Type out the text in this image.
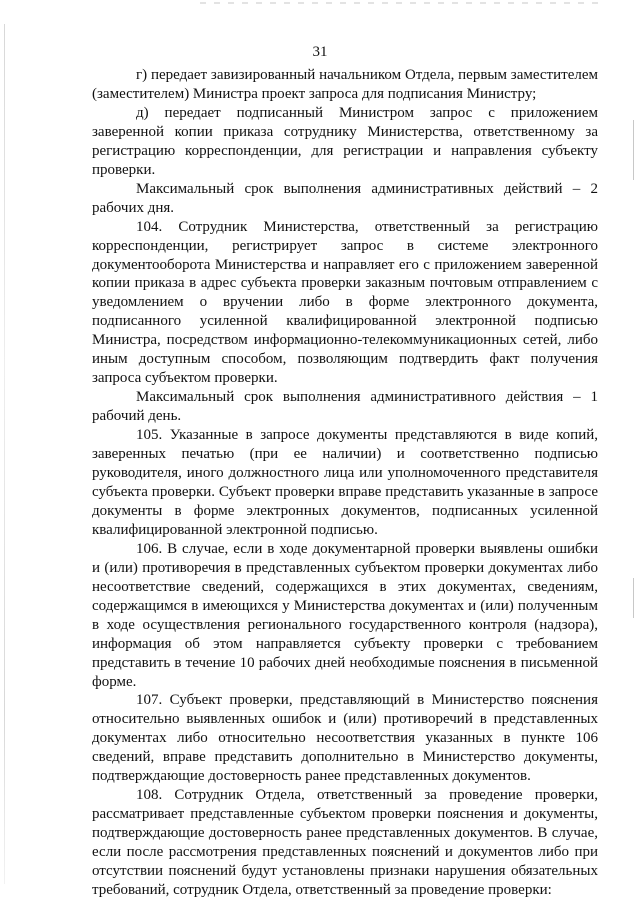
31

г) передает завизированный начальником Отдела, первым заместителем (заместителем) Министра проект запроса для подписания Министру;

д) передает подписанный Министром запрос с приложением заверенной копии приказа сотруднику Министерства, ответственному за регистрацию корреспонденции, для регистрации и направления субъекту проверки.

Максимальный срок выполнения административных действий – 2 рабочих дня.

104. Сотрудник Министерства, ответственный за регистрацию корреспонденции, регистрирует запрос в системе электронного документооборота Министерства и направляет его с приложением заверенной копии приказа в адрес субъекта проверки заказным почтовым отправлением с уведомлением о вручении либо в форме электронного документа, подписанного усиленной квалифицированной электронной подписью Министра, посредством информационно-телекоммуникационных сетей, либо иным доступным способом, позволяющим подтвердить факт получения запроса субъектом проверки.

Максимальный срок выполнения административного действия – 1 рабочий день.

105. Указанные в запросе документы представляются в виде копий, заверенных печатью (при ее наличии) и соответственно подписью руководителя, иного должностного лица или уполномоченного представителя субъекта проверки. Субъект проверки вправе представить указанные в запросе документы в форме электронных документов, подписанных усиленной квалифицированной электронной подписью.

106. В случае, если в ходе документарной проверки выявлены ошибки и (или) противоречия в представленных субъектом проверки документах либо несоответствие сведений, содержащихся в этих документах, сведениям, содержащимся в имеющихся у Министерства документах и (или) полученным в ходе осуществления регионального государственного контроля (надзора), информация об этом направляется субъекту проверки с требованием представить в течение 10 рабочих дней необходимые пояснения в письменной форме.

107. Субъект проверки, представляющий в Министерство пояснения относительно выявленных ошибок и (или) противоречий в представленных документах либо относительно несоответствия указанных в пункте 106 сведений, вправе представить дополнительно в Министерство документы, подтверждающие достоверность ранее представленных документов.

108. Сотрудник Отдела, ответственный за проведение проверки, рассматривает представленные субъектом проверки пояснения и документы, подтверждающие достоверность ранее представленных документов. В случае, если после рассмотрения представленных пояснений и документов либо при отсутствии пояснений будут установлены признаки нарушения обязательных требований, сотрудник Отдела, ответственный за проведение проверки:
